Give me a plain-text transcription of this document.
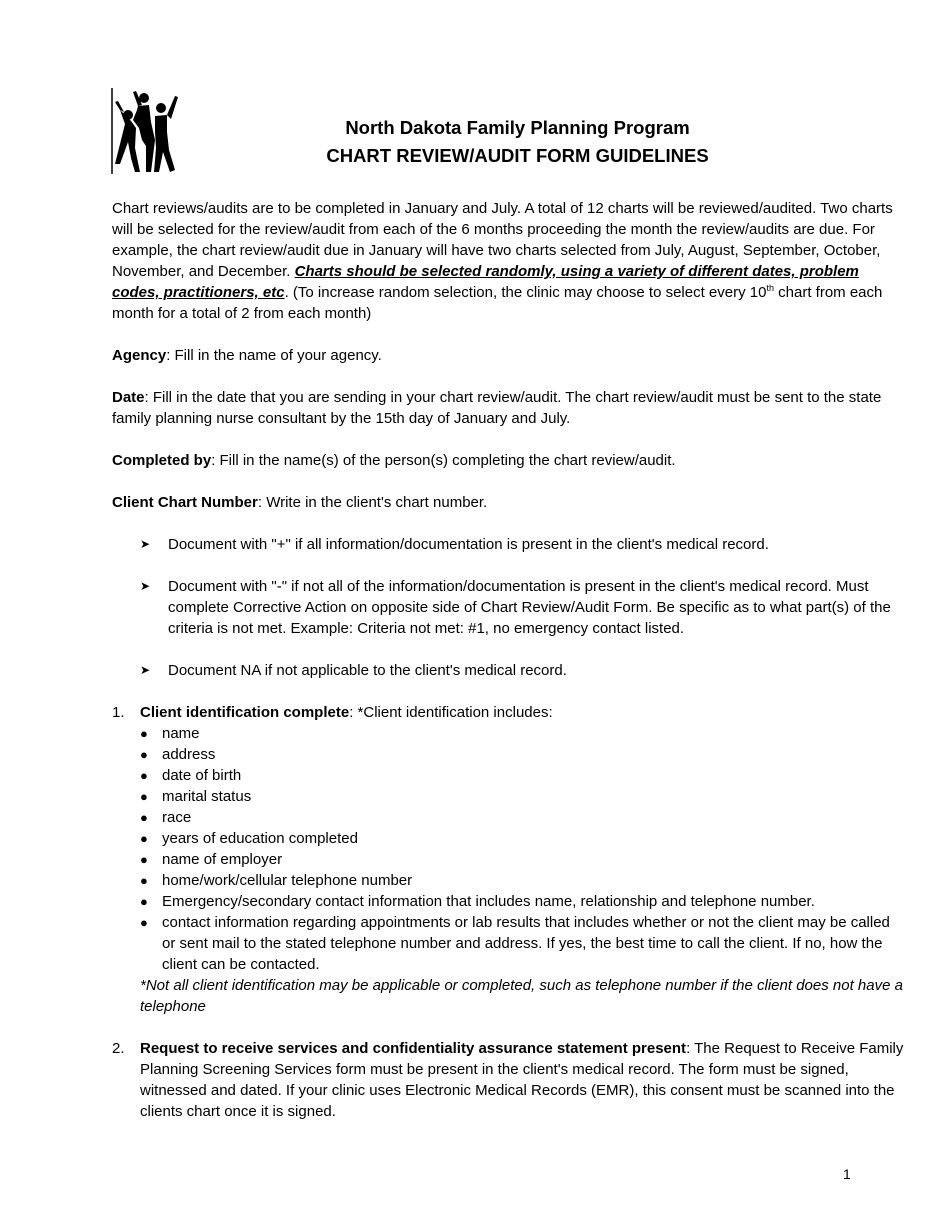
North Dakota Family Planning Program
CHART REVIEW/AUDIT FORM GUIDELINES

Chart reviews/audits are to be completed in January and July. A total of 12 charts will be reviewed/audited. Two charts will be selected for the review/audit from each of the 6 months proceeding the month the review/audits are due. For example, the chart review/audit due in January will have two charts selected from July, August, September, October, November, and December. Charts should be selected randomly, using a variety of different dates, problem codes, practitioners, etc. (To increase random selection, the clinic may choose to select every 10th chart from each month for a total of 2 from each month)

Agency: Fill in the name of your agency.

Date: Fill in the date that you are sending in your chart review/audit. The chart review/audit must be sent to the state family planning nurse consultant by the 15th day of January and July.

Completed by: Fill in the name(s) of the person(s) completing the chart review/audit.

Client Chart Number: Write in the client's chart number.

➤ Document with "+" if all information/documentation is present in the client's medical record.
➤ Document with "-" if not all of the information/documentation is present in the client's medical record. Must complete Corrective Action on opposite side of Chart Review/Audit Form. Be specific as to what part(s) of the criteria is not met. Example: Criteria not met: #1, no emergency contact listed.
➤ Document NA if not applicable to the client's medical record.
1. Client identification complete: *Client identification includes:

● name
● address
● date of birth
● marital status
● race
● years of education completed
● name of employer
● home/work/cellular telephone number
● Emergency/secondary contact information that includes name, relationship and telephone number.
● contact information regarding appointments or lab results that includes whether or not the client may be called or sent mail to the stated telephone number and address. If yes, the best time to call the client. If no, how the client can be contacted.

*Not all client identification may be applicable or completed, such as telephone number if the client does not have a telephone

2. Request to receive services and confidentiality assurance statement present: The Request to Receive Family Planning Screening Services form must be present in the client's medical record. The form must be signed, witnessed and dated. If your clinic uses Electronic Medical Records (EMR), this consent must be scanned into the clients chart once it is signed.

1
